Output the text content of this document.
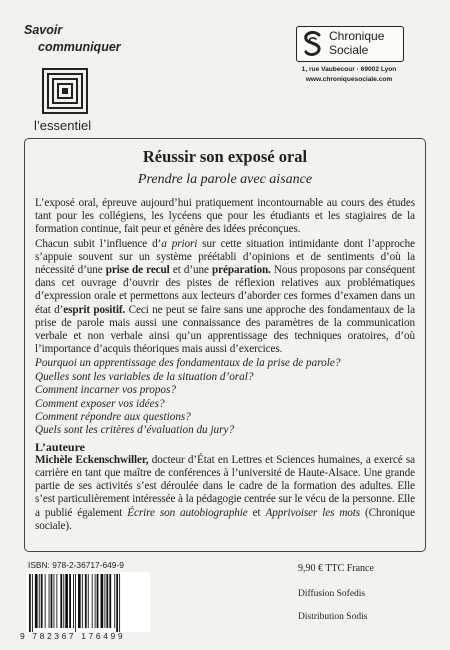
Savoir
communiquer
l’essentiel
Chronique
Sociale
1, rue Vaubecour · 69002 Lyon
www.chroniquesociale.com
Réussir son exposé oral
Prendre la parole avec aisance

L’exposé oral, épreuve aujourd’hui pratiquement incontournable au cours des études tant pour les collégiens, les lycéens que pour les étudiants et les stagiaires de la formation continue, fait peur et génère des idées préconçues.

Chacun subit l’influence d’a priori sur cette situation intimidante dont l’approche s’appuie souvent sur un système préétabli d’opinions et de sentiments d’où la nécessité d’une prise de recul et d’une préparation. Nous proposons par conséquent dans cet ouvrage d’ouvrir des pistes de réflexion relatives aux problématiques d’expression orale et permettons aux lecteurs d’aborder ces formes d’examen dans un état d’esprit positif. Ceci ne peut se faire sans une approche des fondamentaux de la prise de parole mais aussi une connaissance des paramètres de la communication verbale et non verbale ainsi qu’un apprentissage des techniques oratoires, d’où l’importance d’acquis théoriques mais aussi d’exercices.

Pourquoi un apprentissage des fondamentaux de la prise de parole?

Quelles sont les variables de la situation d’oral?

Comment incarner vos propos?

Comment exposer vos idées?

Comment répondre aux questions?

Quels sont les critères d’évaluation du jury?

L’auteure

Michèle Eckenschwiller, docteur d’État en Lettres et Sciences humaines, a exercé sa carrière en tant que maître de conférences à l’université de Haute-Alsace. Une grande partie de ses activités s’est déroulée dans le cadre de la formation des adultes. Elle s’est particulièrement intéressée à la pédagogie centrée sur le vécu de la personne. Elle a publié également Écrire son autobiographie et Apprivoiser les mots (Chronique sociale).

ISBN: 978-2-36717-649-9
9 782367 176499
9,90 € TTC France
Diffusion Sofedis
Distribution Sodis
